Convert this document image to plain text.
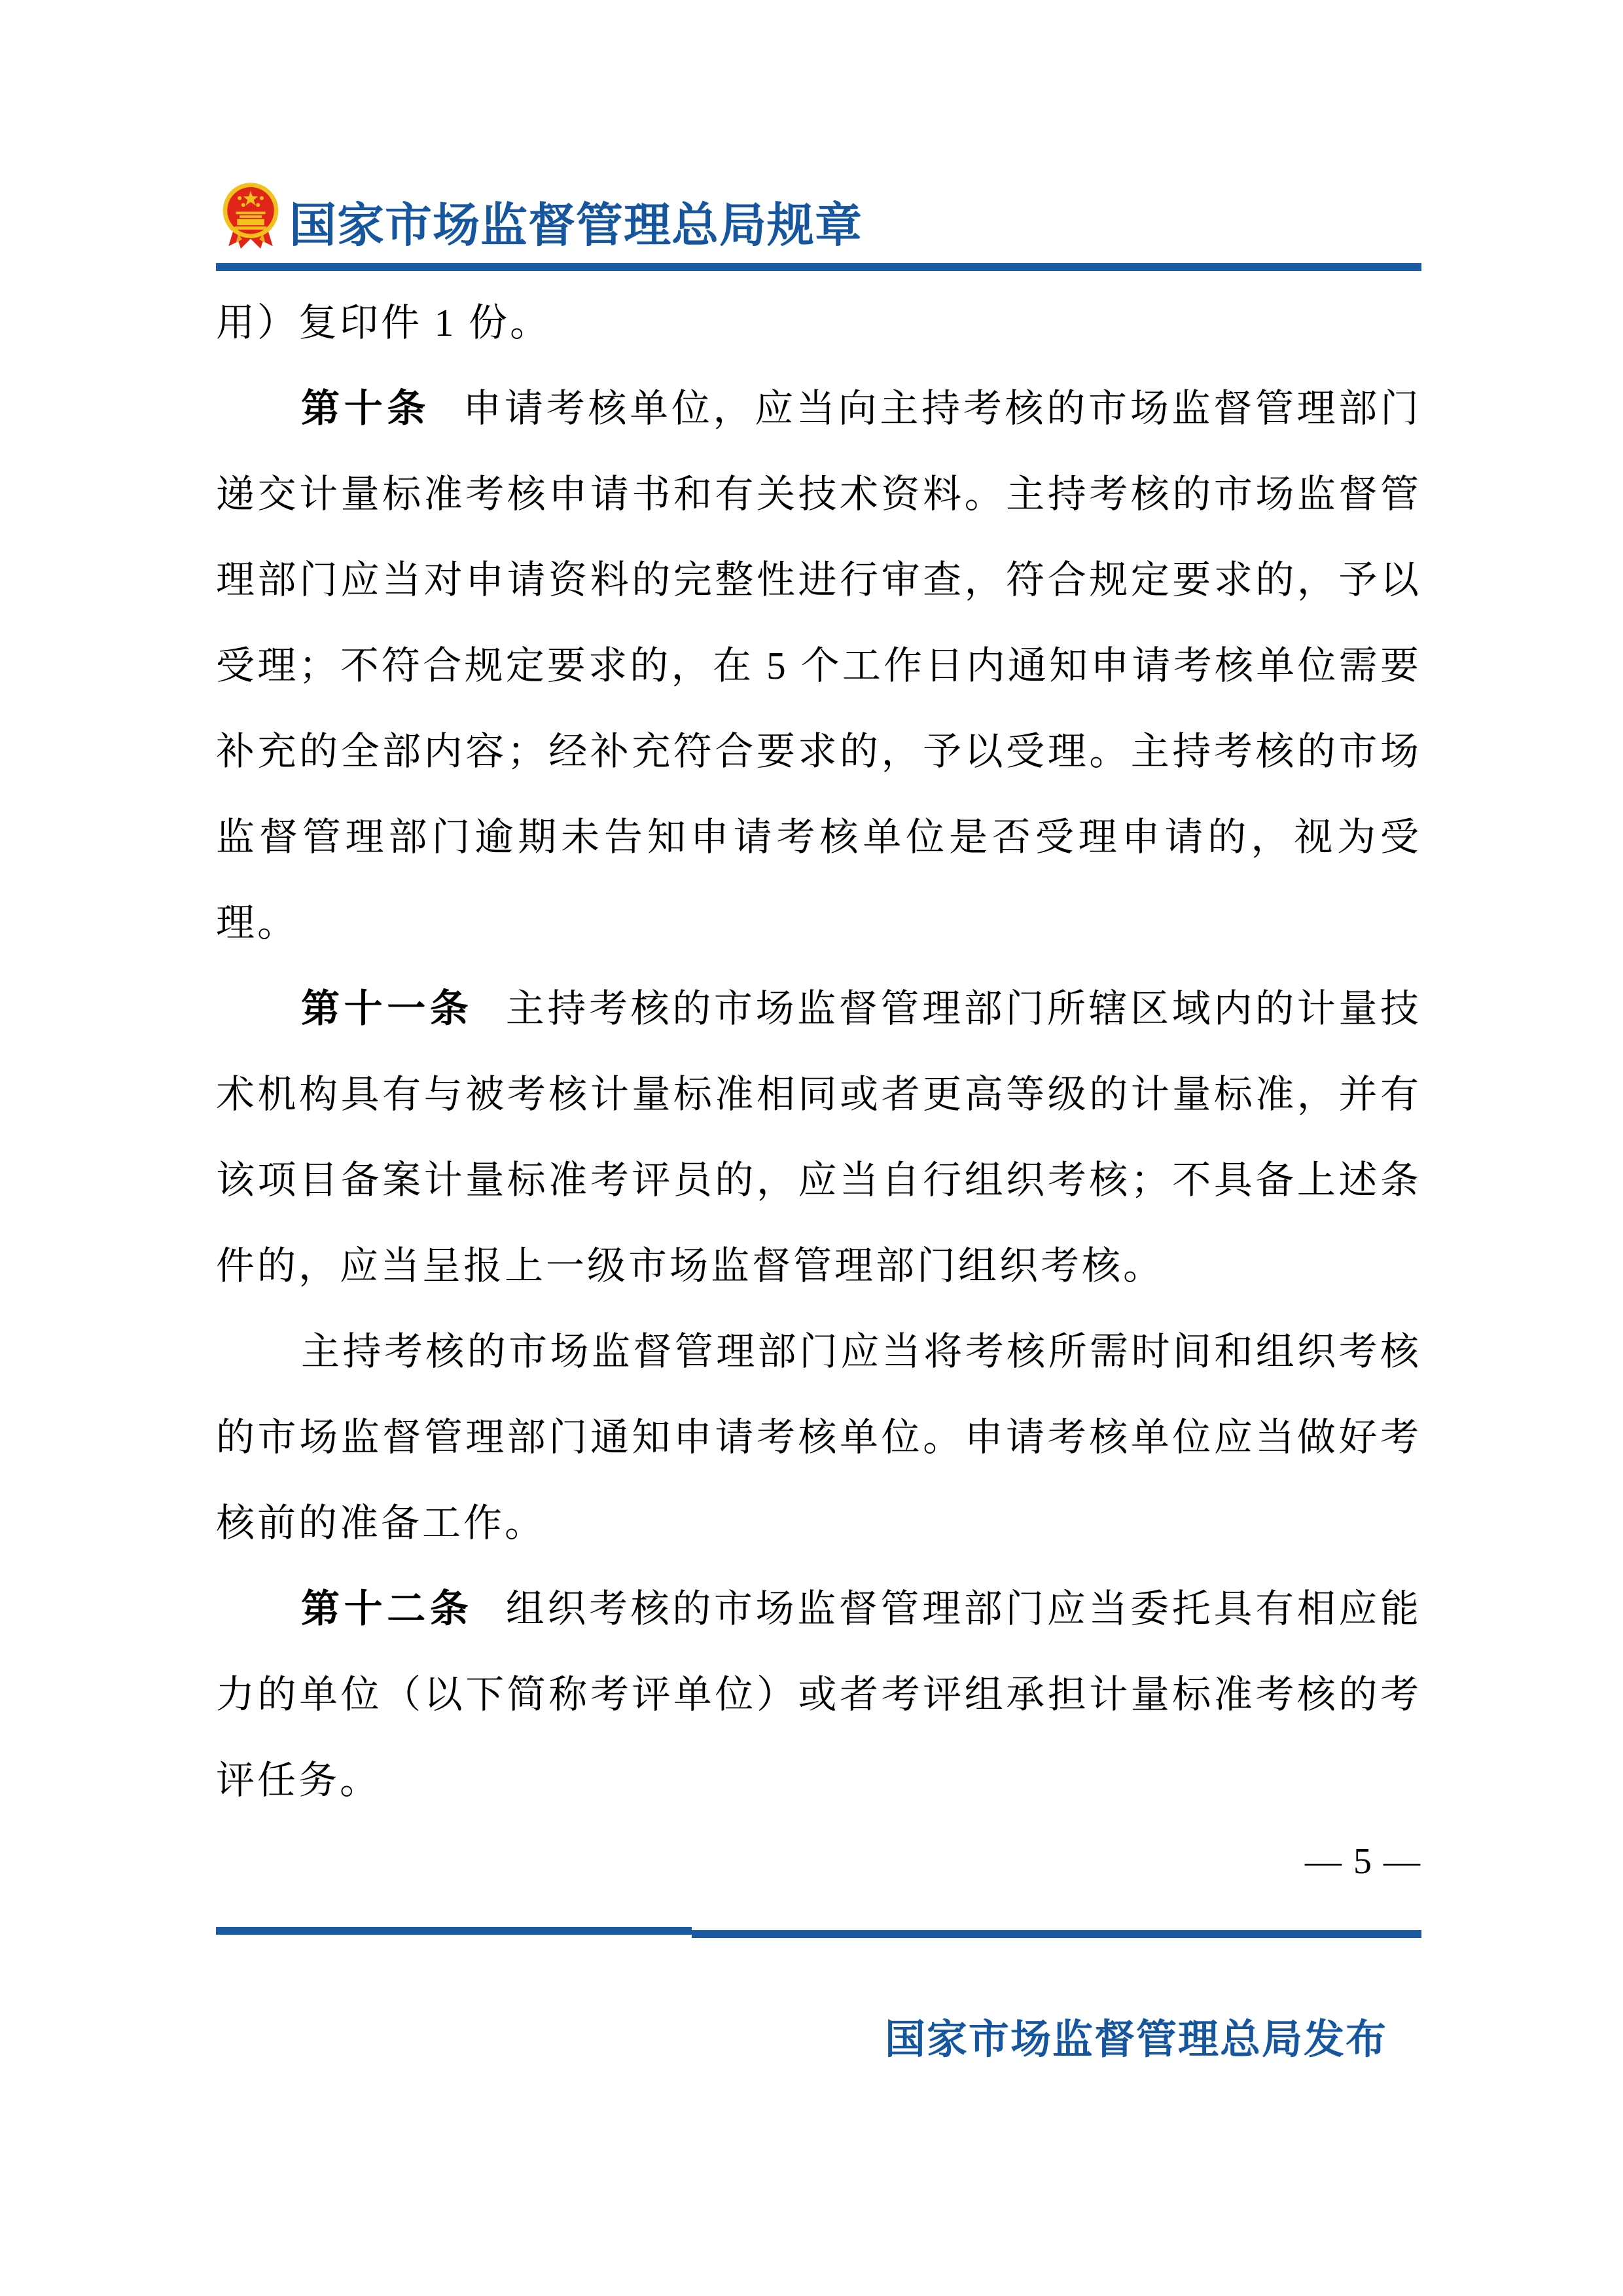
国家市场监督管理总局规章

用）复印件 1 份。

第十条 申请考核单位，应当向主持考核的市场监督管理部门递交计量标准考核申请书和有关技术资料。主持考核的市场监督管理部门应当对申请资料的完整性进行审查，符合规定要求的，予以受理；不符合规定要求的，在 5 个工作日内通知申请考核单位需要补充的全部内容；经补充符合要求的，予以受理。主持考核的市场监督管理部门逾期未告知申请考核单位是否受理申请的，视为受理。

第十一条 主持考核的市场监督管理部门所辖区域内的计量技术机构具有与被考核计量标准相同或者更高等级的计量标准，并有该项目备案计量标准考评员的，应当自行组织考核；不具备上述条件的，应当呈报上一级市场监督管理部门组织考核。

主持考核的市场监督管理部门应当将考核所需时间和组织考核的市场监督管理部门通知申请考核单位。申请考核单位应当做好考核前的准备工作。

第十二条 组织考核的市场监督管理部门应当委托具有相应能力的单位（以下简称考评单位）或者考评组承担计量标准考核的考评任务。

— 5 —
国家市场监督管理总局发布
